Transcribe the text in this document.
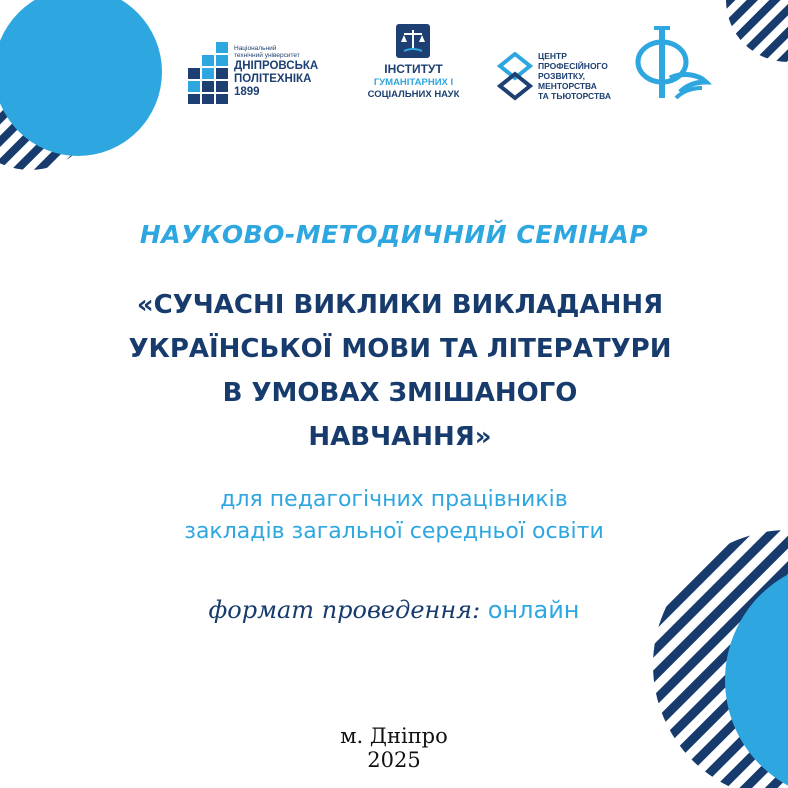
Національний
технічний університет
ДНІПРОВСЬКА
ПОЛІТЕХНІКА
1899
ІНСТИТУТ
ГУМАНІТАРНИХ І
СОЦІАЛЬНИХ НАУК
ЦЕНТР
ПРОФЕСІЙНОГО
РОЗВИТКУ,
МЕНТОРСТВА
ТА ТЬЮТОРСТВА
НАУКОВО-МЕТОДИЧНИЙ СЕМІНАР
«СУЧАСНІ ВИКЛИКИ ВИКЛАДАННЯ
УКРАЇНСЬКОЇ МОВИ ТА ЛІТЕРАТУРИ
В УМОВАХ ЗМІШАНОГО
НАВЧАННЯ»
для педагогічних працівників
закладів загальної середньої освіти
формат проведення: онлайн
м. Дніпро
2025
